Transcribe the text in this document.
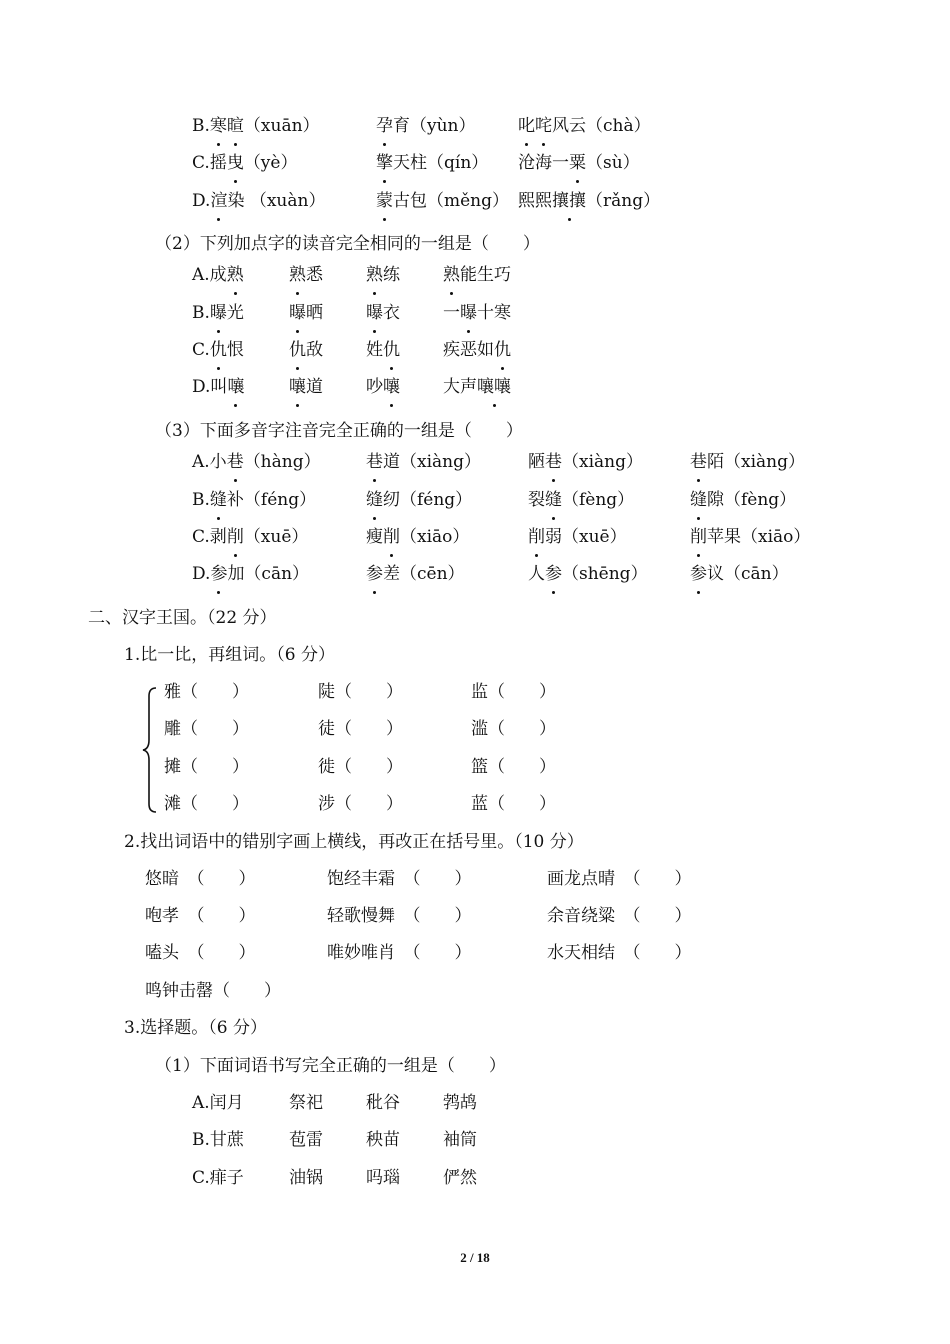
B.寒暄（xuān）	孕育（yùn） 叱咤风云（chà）
C.摇曳（yè）	擎天柱（qín） 沧海一粟（sù）
D.渲染 （xuàn）	蒙古包（měng） 熙熙攘攘（rǎng）
（2）下列加点字的读音完全相同的一组是（　　）
A.成熟	熟悉	熟练	熟能生巧
B.曝光	曝晒	曝衣	一曝十寒
C.仇恨	仇敌	姓仇	疾恶如仇
D.叫嚷	嚷道	吵嚷	大声嚷嚷
（3）下面多音字注音完全正确的一组是（　　）
A.小巷（hàng）	巷道（xiàng）	陋巷（xiàng）	巷陌（xiàng）
B.缝补（féng）	缝纫（féng）	裂缝（fèng）	缝隙（fèng）
C.剥削（xuē）	瘦削（xiāo）	削弱（xuē）	削苹果（xiāo）
D.参加（cān）	参差（cēn）	人参（shēng） 参议（cān）
二、汉字王国。（22 分）
1.比一比，再组词。（6 分）
雅（　　）	陡（　　）	监（　　）
雕（　　）	徒（　　）	滥（　　）
摊（　　）	徙（　　）	篮（　　）
滩（　　）	涉（　　）	蓝（　　）
2.找出词语中的错别字画上横线，再改正在括号里。（10 分）
悠暗　（　　）	饱经丰霜　（　　）	画龙点晴　（　　）
咆孝　（　　）	轻歌慢舞　（　　）	余音绕粱　（　　）
嗑头　（　　）	唯妙唯肖　（　　）	水天相结　（　　）
鸣钟击罄（　　）
3.选择题。（6 分）
（1）下面词语书写完全正确的一组是（　　）
A.闰月	祭祀	秕谷	鹁鸪
B.甘蔗	苞雷	秧苗	袖筒
C.痱子	油锅	吗瑙	俨然
2 / 18
